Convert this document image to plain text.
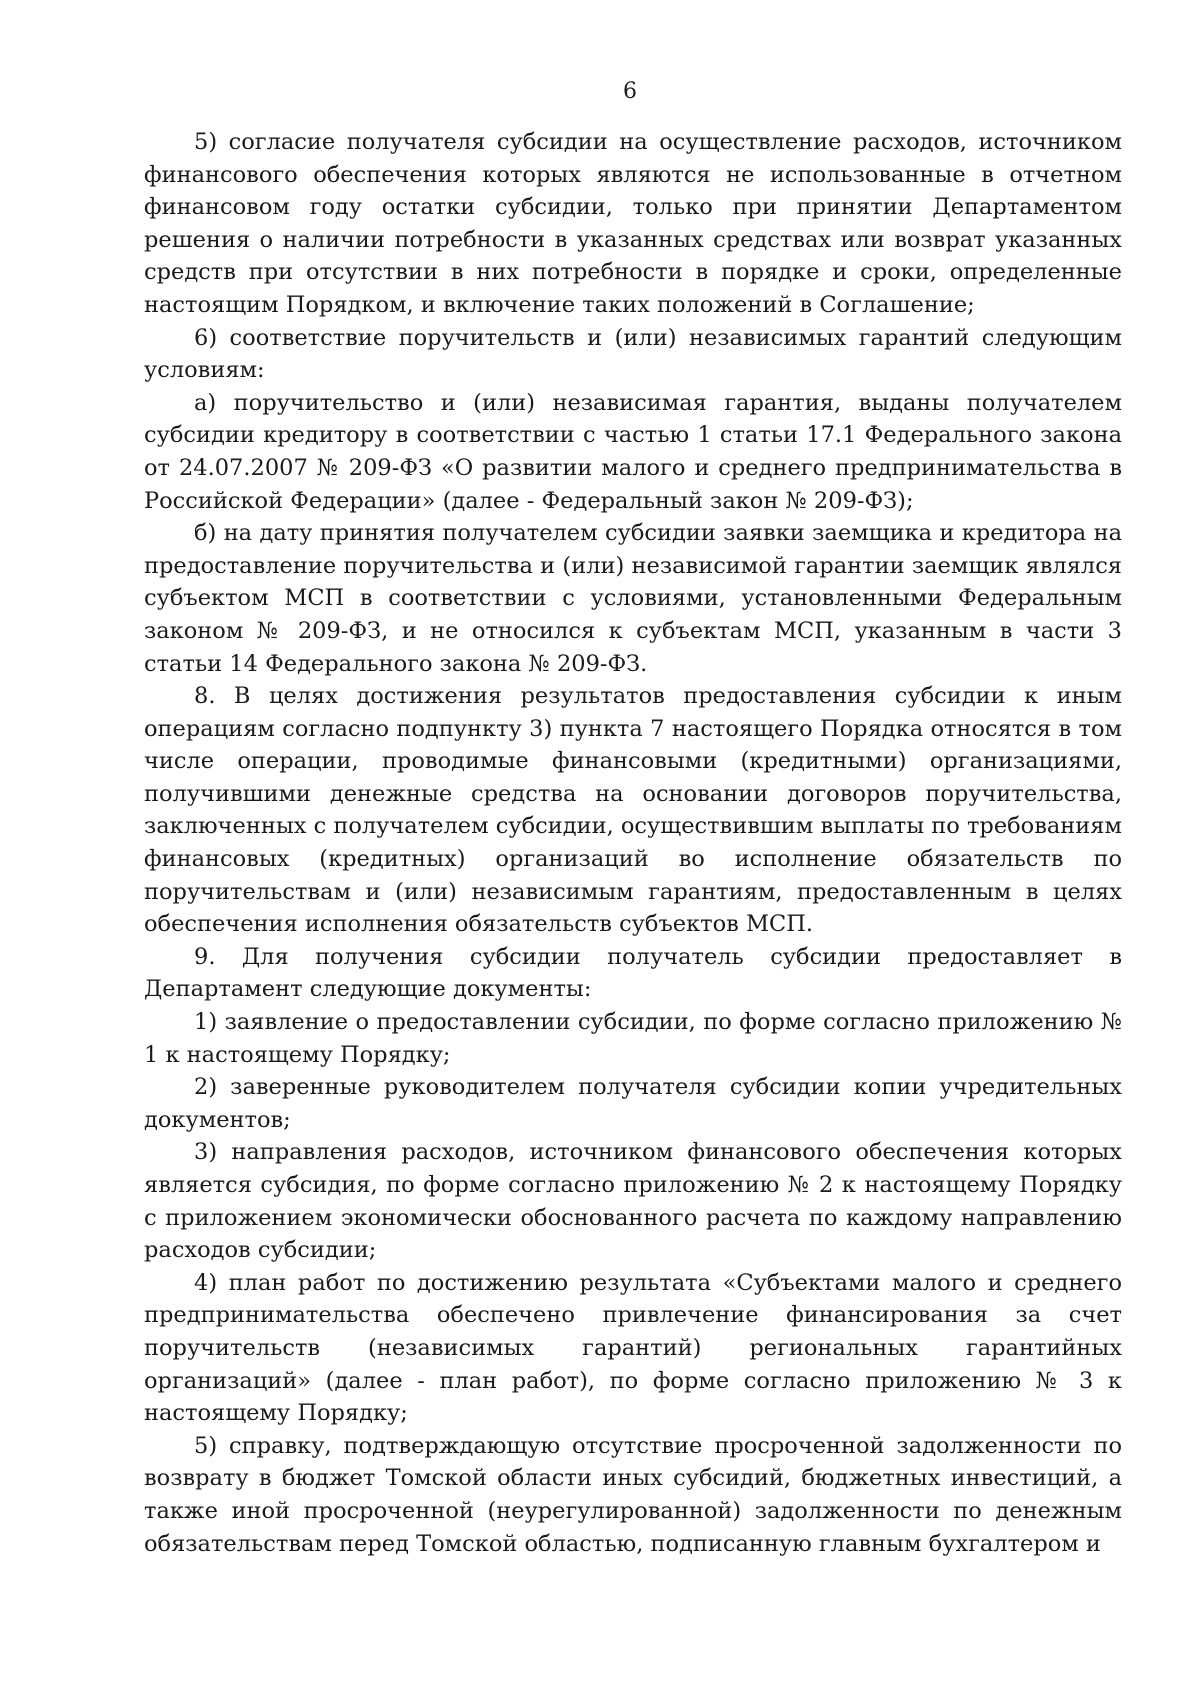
6

5) согласие получателя субсидии на осуществление расходов, источником финансового обеспечения которых являются не использованные в отчетном финансовом году остатки субсидии, только при принятии Департаментом решения о наличии потребности в указанных средствах или возврат указанных средств при отсутствии в них потребности в порядке и сроки, определенные настоящим Порядком, и включение таких положений в Соглашение;

6) соответствие поручительств и (или) независимых гарантий следующим условиям:

а) поручительство и (или) независимая гарантия, выданы получателем субсидии кредитору в соответствии с частью 1 статьи 17.1 Федерального закона от 24.07.2007 № 209-ФЗ «О развитии малого и среднего предпринимательства в Российской Федерации» (далее - Федеральный закон № 209-ФЗ);

б) на дату принятия получателем субсидии заявки заемщика и кредитора на предоставление поручительства и (или) независимой гарантии заемщик являлся субъектом МСП в соответствии с условиями, установленными Федеральным законом № 209-ФЗ, и не относился к субъектам МСП, указанным в части 3 статьи 14 Федерального закона № 209-ФЗ.

8. В целях достижения результатов предоставления субсидии к иным операциям согласно подпункту 3) пункта 7 настоящего Порядка относятся в том числе операции, проводимые финансовыми (кредитными) организациями, получившими денежные средства на основании договоров поручительства, заключенных с получателем субсидии, осуществившим выплаты по требованиям финансовых (кредитных) организаций во исполнение обязательств по поручительствам и (или) независимым гарантиям, предоставленным в целях обеспечения исполнения обязательств субъектов МСП.

9. Для получения субсидии получатель субсидии предоставляет в Департамент следующие документы:

1) заявление о предоставлении субсидии, по форме согласно приложению № 1 к настоящему Порядку;

2) заверенные руководителем получателя субсидии копии учредительных документов;

3) направления расходов, источником финансового обеспечения которых является субсидия, по форме согласно приложению № 2 к настоящему Порядку с приложением экономически обоснованного расчета по каждому направлению расходов субсидии;

4) план работ по достижению результата «Субъектами малого и среднего предпринимательства обеспечено привлечение финансирования за счет поручительств (независимых гарантий) региональных гарантийных организаций» (далее - план работ), по форме согласно приложению № 3 к настоящему Порядку;

5) справку, подтверждающую отсутствие просроченной задолженности по возврату в бюджет Томской области иных субсидий, бюджетных инвестиций, а также иной просроченной (неурегулированной) задолженности по денежным обязательствам перед Томской областью, подписанную главным бухгалтером и
